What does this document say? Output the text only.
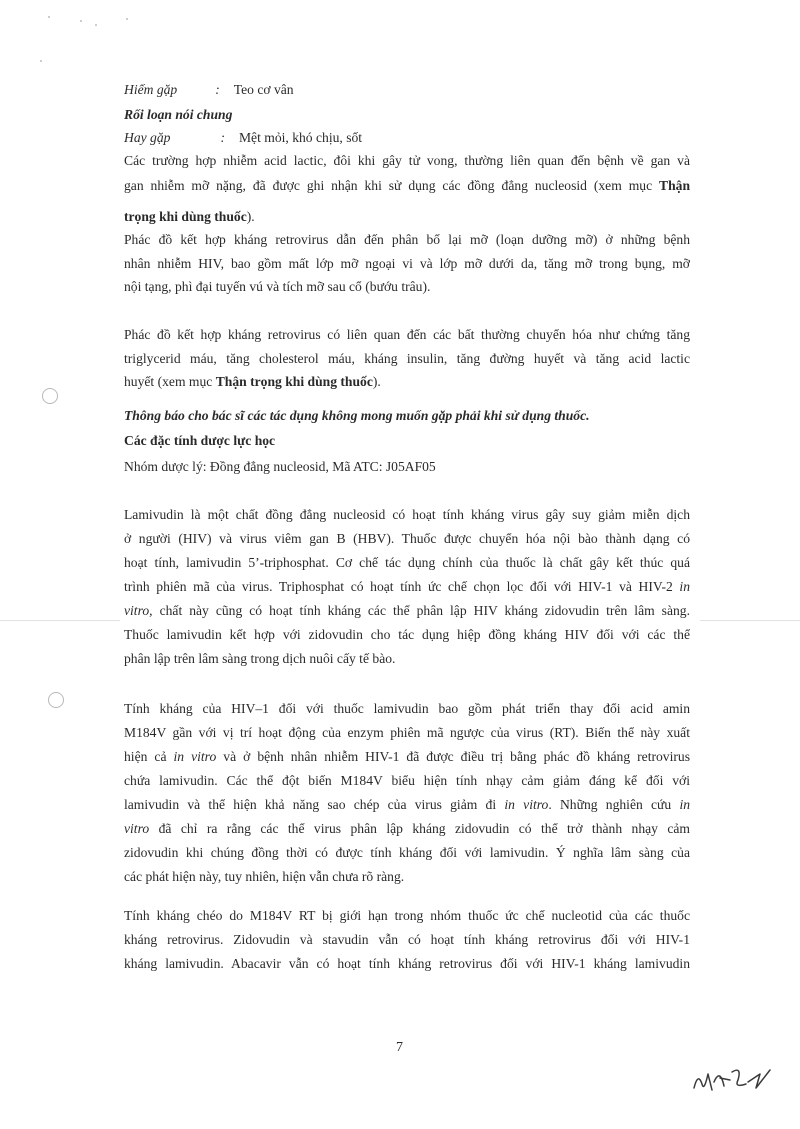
Hiếm gặp	: Teo cơ vân
Rối loạn nói chung
Hay gặp	: Mệt mỏi, khó chịu, sốt
Các trường hợp nhiễm acid lactic, đôi khi gây tử vong, thường liên quan đến bệnh về gan và
gan nhiễm mỡ nặng, đã được ghi nhận khi sử dụng các đồng đẳng nucleosid (xem mục Thận
trọng khi dùng thuốc).
Phác đồ kết hợp kháng retrovirus dẫn đến phân bố lại mỡ (loạn dưỡng mỡ) ở những bệnh
nhân nhiễm HIV, bao gồm mất lớp mỡ ngoại vi và lớp mỡ dưới da, tăng mỡ trong bụng, mỡ
nội tạng, phì đại tuyến vú và tích mỡ sau cổ (bướu trâu).
Phác đồ kết hợp kháng retrovirus có liên quan đến các bất thường chuyển hóa như chứng tăng
triglycerid máu, tăng cholesterol máu, kháng insulin, tăng đường huyết và tăng acid lactic
huyết (xem mục Thận trọng khi dùng thuốc).
Thông báo cho bác sĩ các tác dụng không mong muốn gặp phải khi sử dụng thuốc.
Các đặc tính dược lực học
Nhóm dược lý: Đồng đẳng nucleosid, Mã ATC: J05AF05
Lamivudin là một chất đồng đẳng nucleosid có hoạt tính kháng virus gây suy giảm miễn dịch
ở người (HIV) và virus viêm gan B (HBV). Thuốc được chuyển hóa nội bào thành dạng có
hoạt tính, lamivudin 5’-triphosphat. Cơ chế tác dụng chính của thuốc là chất gây kết thúc quá
trình phiên mã của virus. Triphosphat có hoạt tính ức chế chọn lọc đối với HIV-1 và HIV-2 in
vitro, chất này cũng có hoạt tính kháng các thể phân lập HIV kháng zidovudin trên lâm sàng.
Thuốc lamivudin kết hợp với zidovudin cho tác dụng hiệp đồng kháng HIV đối với các thể
phân lập trên lâm sàng trong dịch nuôi cấy tế bào.
Tính kháng của HIV–1 đối với thuốc lamivudin bao gồm phát triển thay đổi acid amin
M184V gần với vị trí hoạt động của enzym phiên mã ngược của virus (RT). Biến thể này xuất
hiện cả in vitro và ở bệnh nhân nhiễm HIV-1 đã được điều trị bằng phác đồ kháng retrovirus
chứa lamivudin. Các thể đột biến M184V biểu hiện tính nhạy cảm giảm đáng kể đối với
lamivudin và thể hiện khả năng sao chép của virus giảm đi in vitro. Những nghiên cứu in
vitro đã chỉ ra rằng các thể virus phân lập kháng zidovudin có thể trở thành nhạy cảm
zidovudin khi chúng đồng thời có được tính kháng đối với lamivudin. Ý nghĩa lâm sàng của
các phát hiện này, tuy nhiên, hiện vẫn chưa rõ ràng.
Tính kháng chéo do M184V RT bị giới hạn trong nhóm thuốc ức chế nucleotid của các thuốc
kháng retrovirus. Zidovudin và stavudin vẫn có hoạt tính kháng retrovirus đối với HIV-1
kháng lamivudin. Abacavir vẫn có hoạt tính kháng retrovirus đối với HIV-1 kháng lamivudin
7
